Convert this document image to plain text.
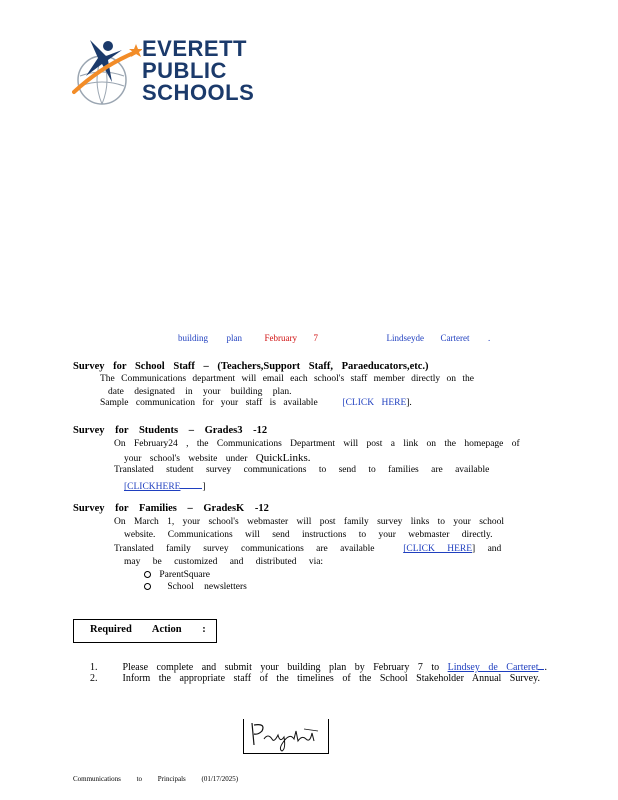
EVERETT
PUBLIC
SCHOOLS
building plan	February 7	Lindseyde Carteret .
Survey for School Staff – (Teachers,Support Staff, Paraeducators,etc.)
The Communications department will email each school's staff member directly on the
date designated in your building plan.
Sample communication for your staff is available	[CLICK HERE].
Survey for Students – Grades3 -12
On February24 , the Communications Department will post a link on the homepage of
your school's website under QuickLinks.
Translated student survey communications to send to families are available
[CLICKHERE ]
Survey for Families – GradesK -12
On March 1, your school's webmaster will post family survey links to your school
website. Communications will send instructions to your webmaster directly.
Translated family survey communications are available	[CLICK HERE] and
may be customized and distributed via:
ParentSquare
School newsletters
Required Action :
1.	Please complete and submit your building plan by February 7 to Lindsey de Carteret .
2.	Inform the appropriate staff of the timelines of the School Stakeholder Annual Survey.
Communications to Principals (01/17/2025)
